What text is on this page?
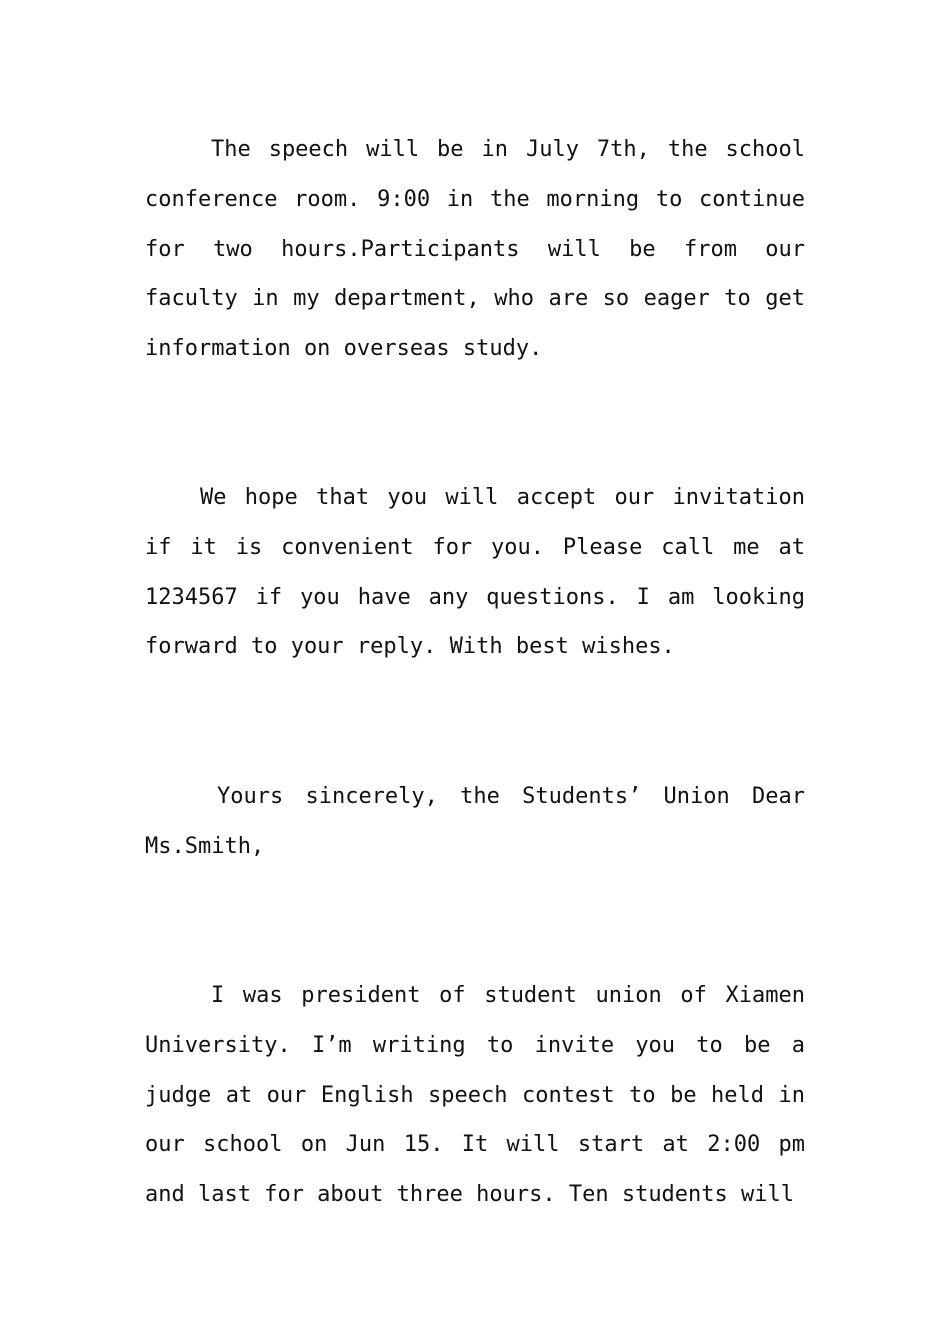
The speech will be in July 7th, the school conference room. 9:00 in the morning to continue for two hours.Participants will be from our faculty in my department, who are so eager to get information on overseas study.

We hope that you will accept our invitation if it is convenient for you. Please call me at 1234567 if you have any questions. I am looking forward to your reply. With best wishes.

Yours sincerely, the Students’ Union Dear Ms.Smith,

I was president of student union of Xiamen University. I’m writing to invite you to be a judge at our English speech contest to be held in our school on Jun 15. It will start at 2:00 pm and last for about three hours. Ten students will
